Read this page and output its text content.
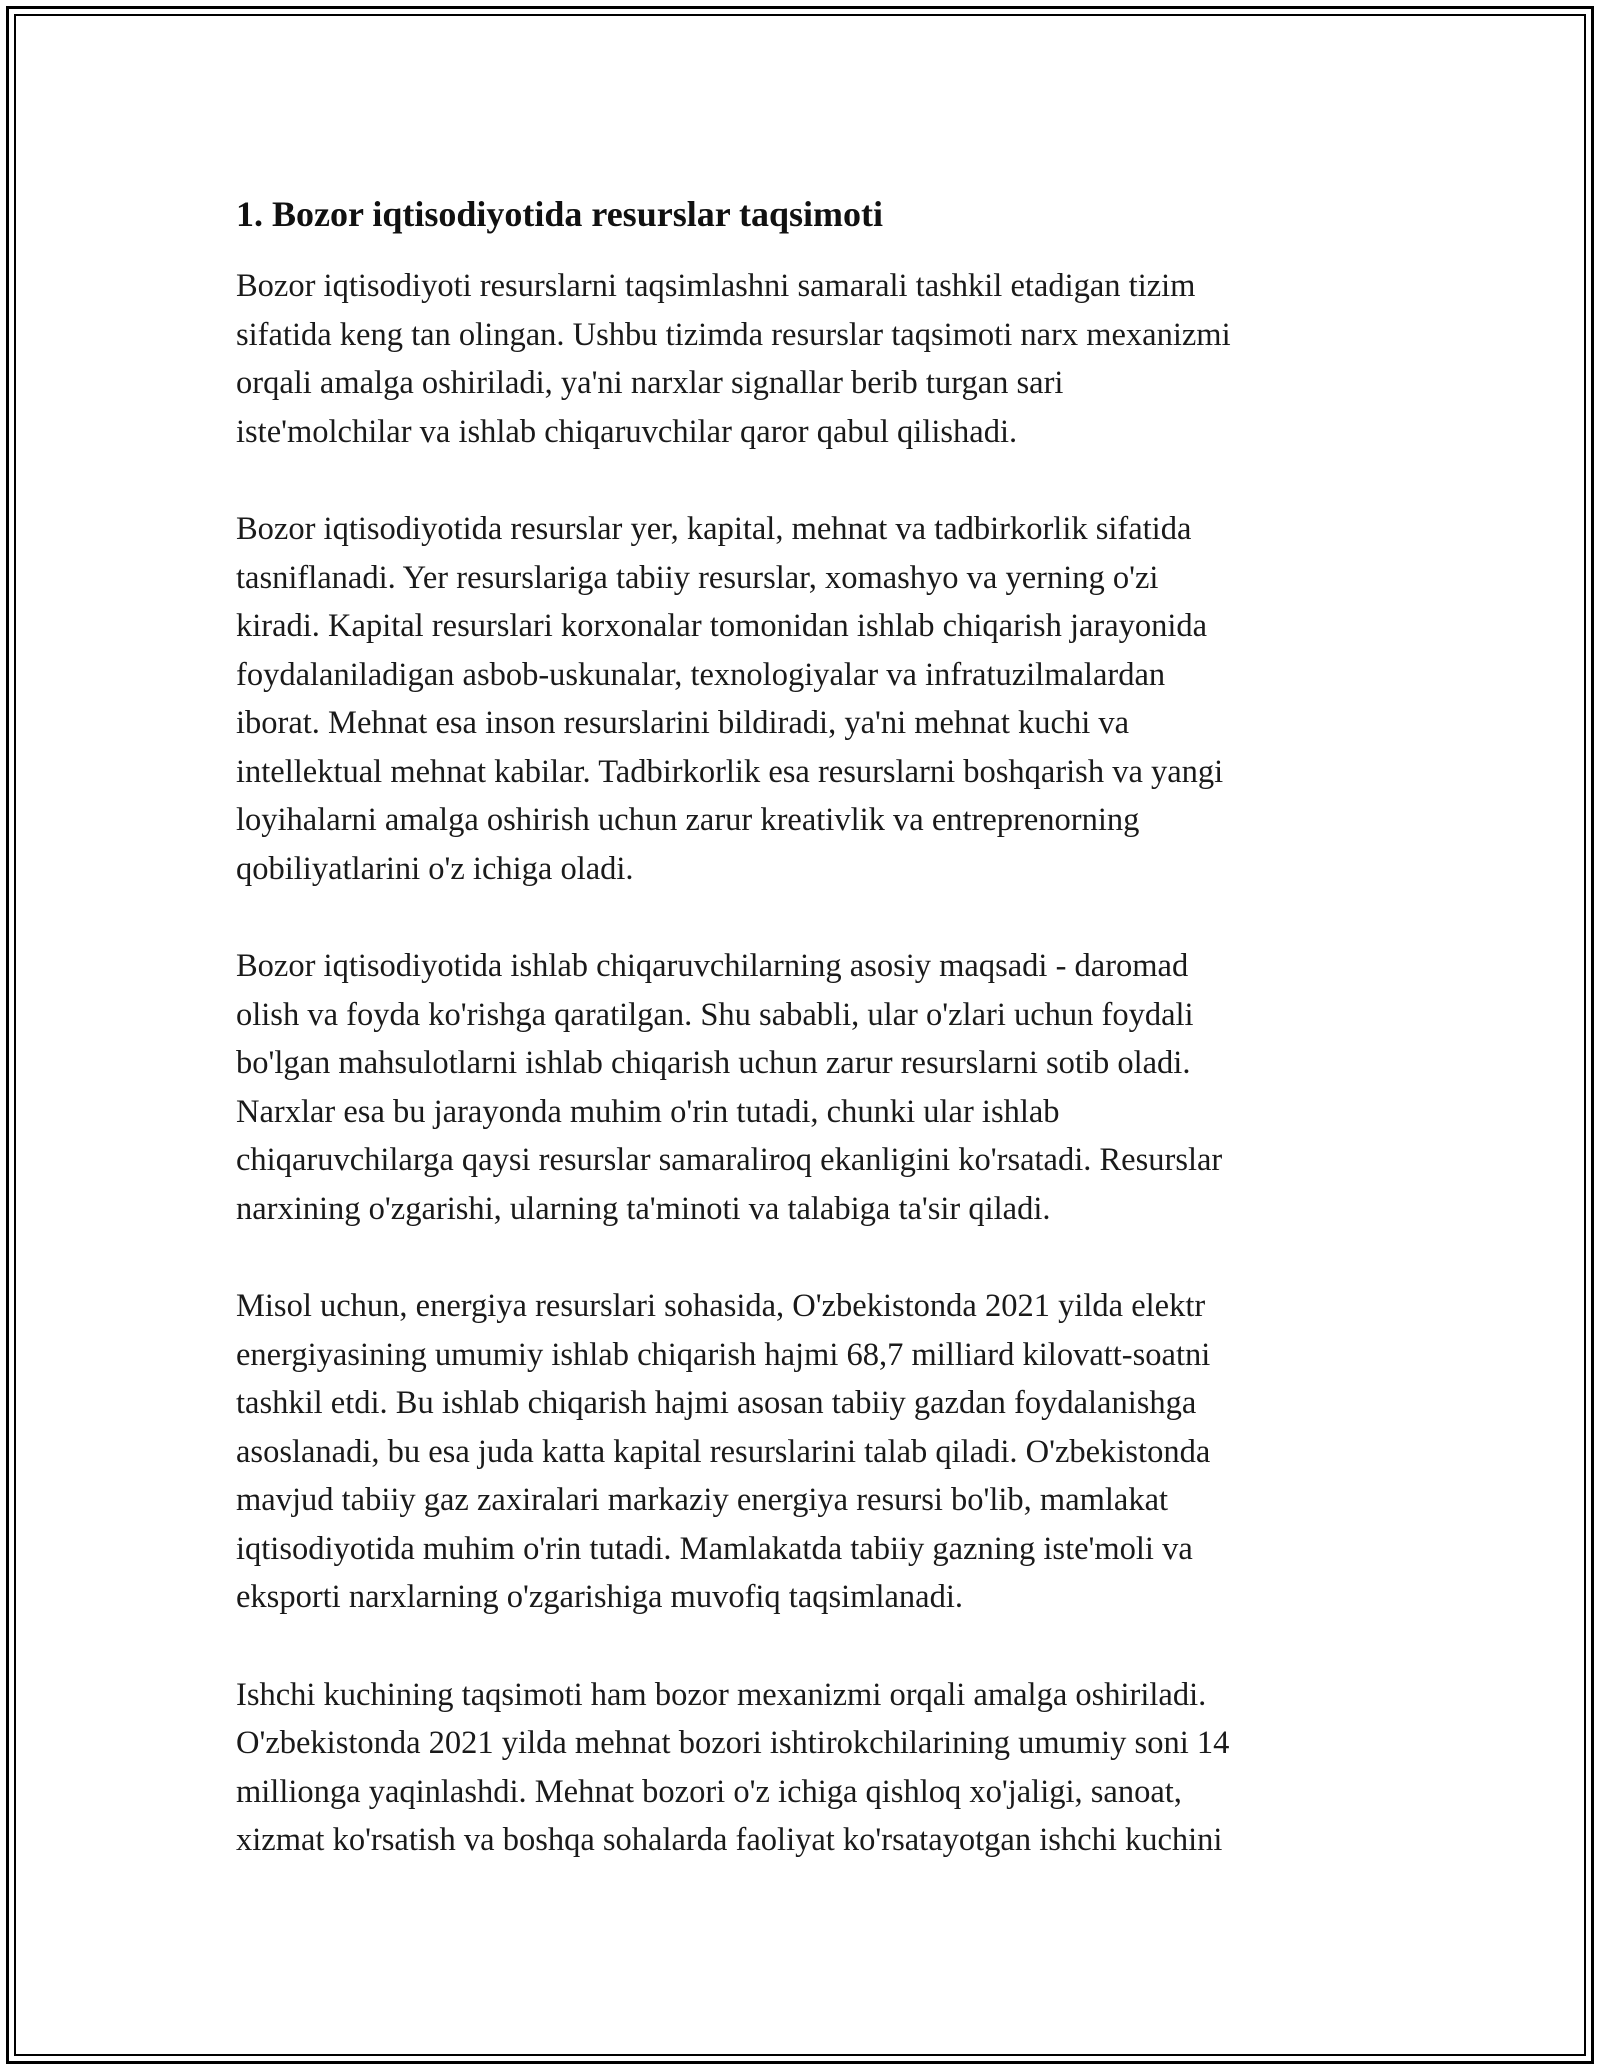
1. Bozor iqtisodiyotida resurslar taqsimoti

Bozor iqtisodiyoti resurslarni taqsimlashni samarali tashkil etadigan tizim
sifatida keng tan olingan. Ushbu tizimda resurslar taqsimoti narx mexanizmi
orqali amalga oshiriladi, ya'ni narxlar signallar berib turgan sari
iste'molchilar va ishlab chiqaruvchilar qaror qabul qilishadi.

Bozor iqtisodiyotida resurslar yer, kapital, mehnat va tadbirkorlik sifatida
tasniflanadi. Yer resurslariga tabiiy resurslar, xomashyo va yerning o'zi
kiradi. Kapital resurslari korxonalar tomonidan ishlab chiqarish jarayonida
foydalaniladigan asbob-uskunalar, texnologiyalar va infratuzilmalardan
iborat. Mehnat esa inson resurslarini bildiradi, ya'ni mehnat kuchi va
intellektual mehnat kabilar. Tadbirkorlik esa resurslarni boshqarish va yangi
loyihalarni amalga oshirish uchun zarur kreativlik va entreprenorning
qobiliyatlarini o'z ichiga oladi.

Bozor iqtisodiyotida ishlab chiqaruvchilarning asosiy maqsadi - daromad
olish va foyda ko'rishga qaratilgan. Shu sababli, ular o'zlari uchun foydali
bo'lgan mahsulotlarni ishlab chiqarish uchun zarur resurslarni sotib oladi.
Narxlar esa bu jarayonda muhim o'rin tutadi, chunki ular ishlab
chiqaruvchilarga qaysi resurslar samaraliroq ekanligini ko'rsatadi. Resurslar
narxining o'zgarishi, ularning ta'minoti va talabiga ta'sir qiladi.

Misol uchun, energiya resurslari sohasida, O'zbekistonda 2021 yilda elektr
energiyasining umumiy ishlab chiqarish hajmi 68,7 milliard kilovatt-soatni
tashkil etdi. Bu ishlab chiqarish hajmi asosan tabiiy gazdan foydalanishga
asoslanadi, bu esa juda katta kapital resurslarini talab qiladi. O'zbekistonda
mavjud tabiiy gaz zaxiralari markaziy energiya resursi bo'lib, mamlakat
iqtisodiyotida muhim o'rin tutadi. Mamlakatda tabiiy gazning iste'moli va
eksporti narxlarning o'zgarishiga muvofiq taqsimlanadi.

Ishchi kuchining taqsimoti ham bozor mexanizmi orqali amalga oshiriladi.
O'zbekistonda 2021 yilda mehnat bozori ishtirokchilarining umumiy soni 14
millionga yaqinlashdi. Mehnat bozori o'z ichiga qishloq xo'jaligi, sanoat,
xizmat ko'rsatish va boshqa sohalarda faoliyat ko'rsatayotgan ishchi kuchini
